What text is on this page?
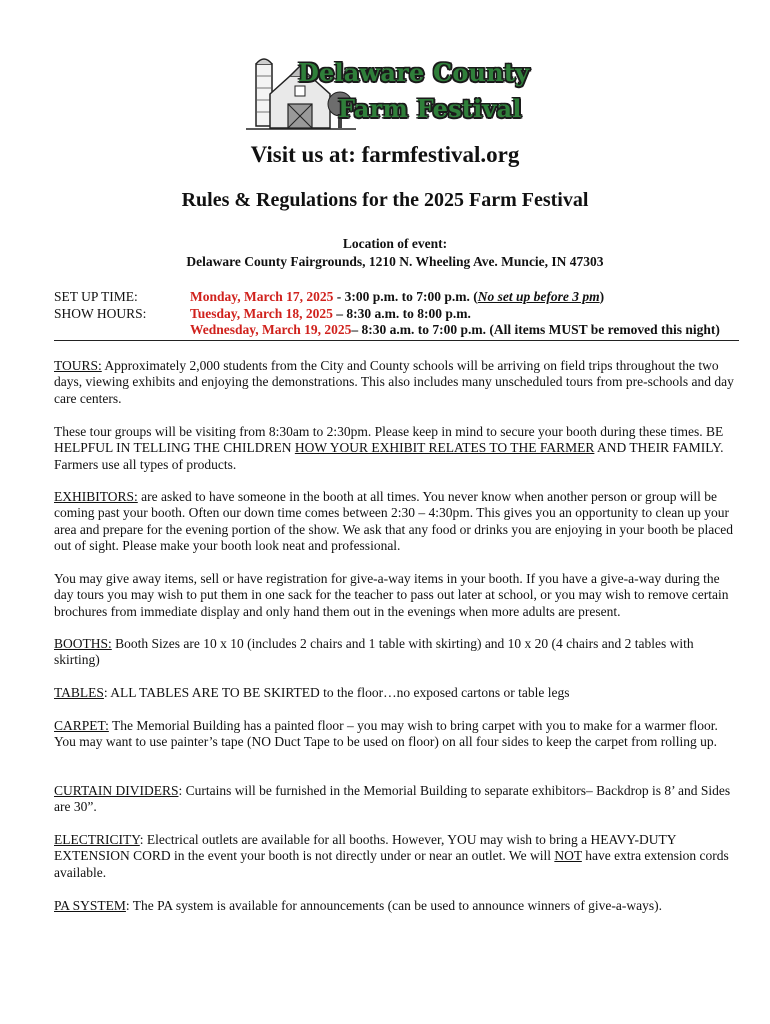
Delaware County
Farm Festival
Visit us at: farmfestival.org
Rules & Regulations for the 2025 Farm Festival
Location of event:
Delaware County Fairgrounds, 1210 N. Wheeling Ave. Muncie, IN 47303
SET UP TIME:	Monday, March 17, 2025 - 3:00 p.m. to 7:00 p.m. (No set up before 3 pm)
SHOW HOURS:	Tuesday, March 18, 2025 – 8:30 a.m. to 8:00 p.m.
Wednesday, March 19, 2025– 8:30 a.m. to 7:00 p.m. (All items MUST be removed this night)
TOURS: Approximately 2,000 students from the City and County schools will be arriving on field trips throughout the two days, viewing exhibits and enjoying the demonstrations. This also includes many unscheduled tours from pre-schools and day care centers.
These tour groups will be visiting from 8:30am to 2:30pm. Please keep in mind to secure your booth during these times. BE HELPFUL IN TELLING THE CHILDREN HOW YOUR EXHIBIT RELATES TO THE FARMER AND THEIR FAMILY. Farmers use all types of products.
EXHIBITORS: are asked to have someone in the booth at all times. You never know when another person or group will be coming past your booth. Often our down time comes between 2:30 – 4:30pm. This gives you an opportunity to clean up your area and prepare for the evening portion of the show. We ask that any food or drinks you are enjoying in your booth be placed out of sight. Please make your booth look neat and professional.
You may give away items, sell or have registration for give-a-way items in your booth. If you have a give-a-way during the day tours you may wish to put them in one sack for the teacher to pass out later at school, or you may wish to remove certain brochures from immediate display and only hand them out in the evenings when more adults are present.
BOOTHS: Booth Sizes are 10 x 10 (includes 2 chairs and 1 table with skirting) and 10 x 20 (4 chairs and 2 tables with skirting)
TABLES: ALL TABLES ARE TO BE SKIRTED to the floor…no exposed cartons or table legs
CARPET: The Memorial Building has a painted floor – you may wish to bring carpet with you to make for a warmer floor. You may want to use painter’s tape (NO Duct Tape to be used on floor) on all four sides to keep the carpet from rolling up.
CURTAIN DIVIDERS: Curtains will be furnished in the Memorial Building to separate exhibitors– Backdrop is 8’ and Sides are 30”.
ELECTRICITY: Electrical outlets are available for all booths. However, YOU may wish to bring a HEAVY-DUTY EXTENSION CORD in the event your booth is not directly under or near an outlet. We will NOT have extra extension cords available.
PA SYSTEM: The PA system is available for announcements (can be used to announce winners of give-a-ways).
